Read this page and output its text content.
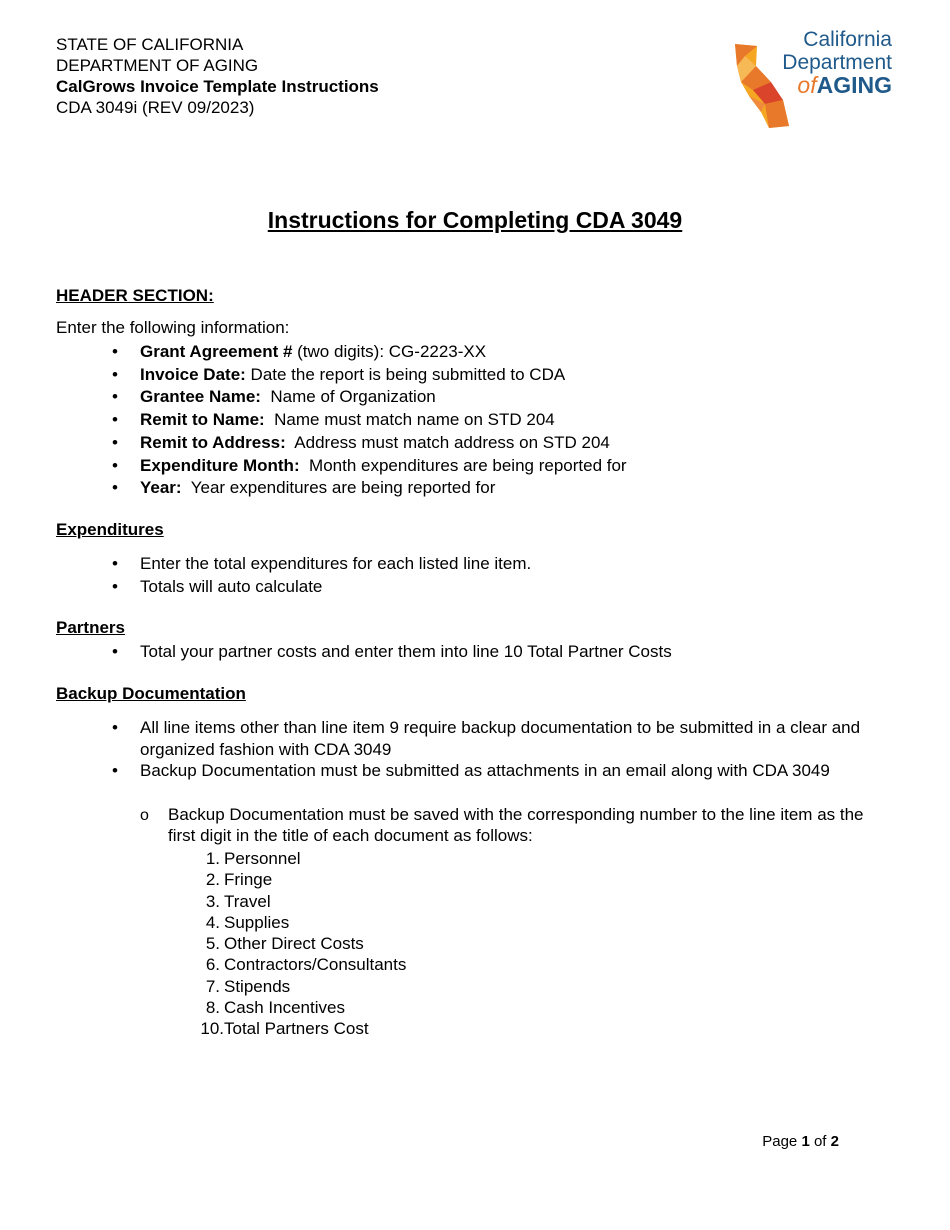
STATE OF CALIFORNIA
DEPARTMENT OF AGING
CalGrows Invoice Template Instructions
CDA 3049i (REV 09/2023)
California
Department
ofAGING
Instructions for Completing CDA 3049
HEADER SECTION:
Enter the following information:
• Grant Agreement # (two digits): CG-2223-XX
• Invoice Date: Date the report is being submitted to CDA
• Grantee Name:  Name of Organization
• Remit to Name:  Name must match name on STD 204
• Remit to Address:  Address must match address on STD 204
• Expenditure Month:  Month expenditures are being reported for
• Year:  Year expenditures are being reported for
Expenditures
• Enter the total expenditures for each listed line item.
• Totals will auto calculate
Partners
• Total your partner costs and enter them into line 10 Total Partner Costs
Backup Documentation
• All line items other than line item 9 require backup documentation to be submitted in a clear and organized fashion with CDA 3049
• Backup Documentation must be submitted as attachments in an email along with CDA 3049
o	Backup Documentation must be saved with the corresponding number to the line item as the first digit in the title of each document as follows:
1. Personnel
2. Fringe
3. Travel
4. Supplies
5. Other Direct Costs
6. Contractors/Consultants
7. Stipends
8. Cash Incentives
10. Total Partners Cost
Page 1 of 2
